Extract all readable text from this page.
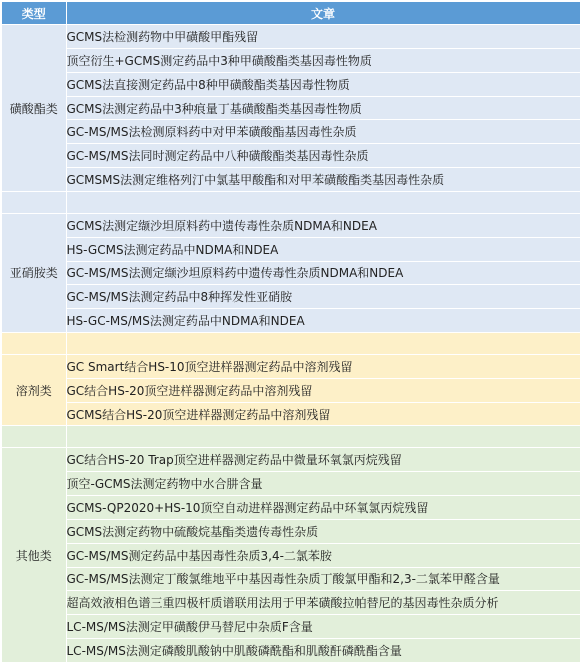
类型	文章
磺酸酯类	GCMS法检测药物中甲磺酸甲酯残留
	顶空衍生+GCMS测定药品中3种甲磺酸酯类基因毒性物质
	GCMS法直接测定药品中8种甲磺酸酯类基因毒性物质
	GCMS法测定药品中3种痕量丁基磺酸酯类基因毒性物质
	GC-MS/MS法检测原料药中对甲苯磺酸酯基因毒性杂质
	GC-MS/MS法同时测定药品中八种磺酸酯类基因毒性杂质
	GCMSMS法测定维格列汀中氯基甲酸酯和对甲苯磺酸酯类基因毒性杂质

亚硝胺类	GCMS法测定缬沙坦原料药中遗传毒性杂质NDMA和NDEA
	HS-GCMS法测定药品中NDMA和NDEA
	GC-MS/MS法测定缬沙坦原料药中遗传毒性杂质NDMA和NDEA
	GC-MS/MS法测定药品中8种挥发性亚硝胺
	HS-GC-MS/MS法测定药品中NDMA和NDEA

溶剂类	GC Smart结合HS-10顶空进样器测定药品中溶剂残留
	GC结合HS-20顶空进样器测定药品中溶剂残留
	GCMS结合HS-20顶空进样器测定药品中溶剂残留

其他类	GC结合HS-20 Trap顶空进样器测定药品中微量环氧氯丙烷残留
	顶空-GCMS法测定药物中水合肼含量
	GCMS-QP2020+HS-10顶空自动进样器测定药品中环氧氯丙烷残留
	GCMS法测定药物中硫酸烷基酯类遗传毒性杂质
	GC-MS/MS测定药品中基因毒性杂质3,4-二氯苯胺
	GC-MS/MS法测定丁酸氯维地平中基因毒性杂质丁酸氯甲酯和2,3-二氯苯甲醛含量
	超高效液相色谱三重四极杆质谱联用法用于甲苯磺酸拉帕替尼的基因毒性杂质分析
	LC-MS/MS法测定甲磺酸伊马替尼中杂质F含量
	LC-MS/MS法测定磷酸肌酸钠中肌酸磷酰酯和肌酸酐磷酰酯含量
